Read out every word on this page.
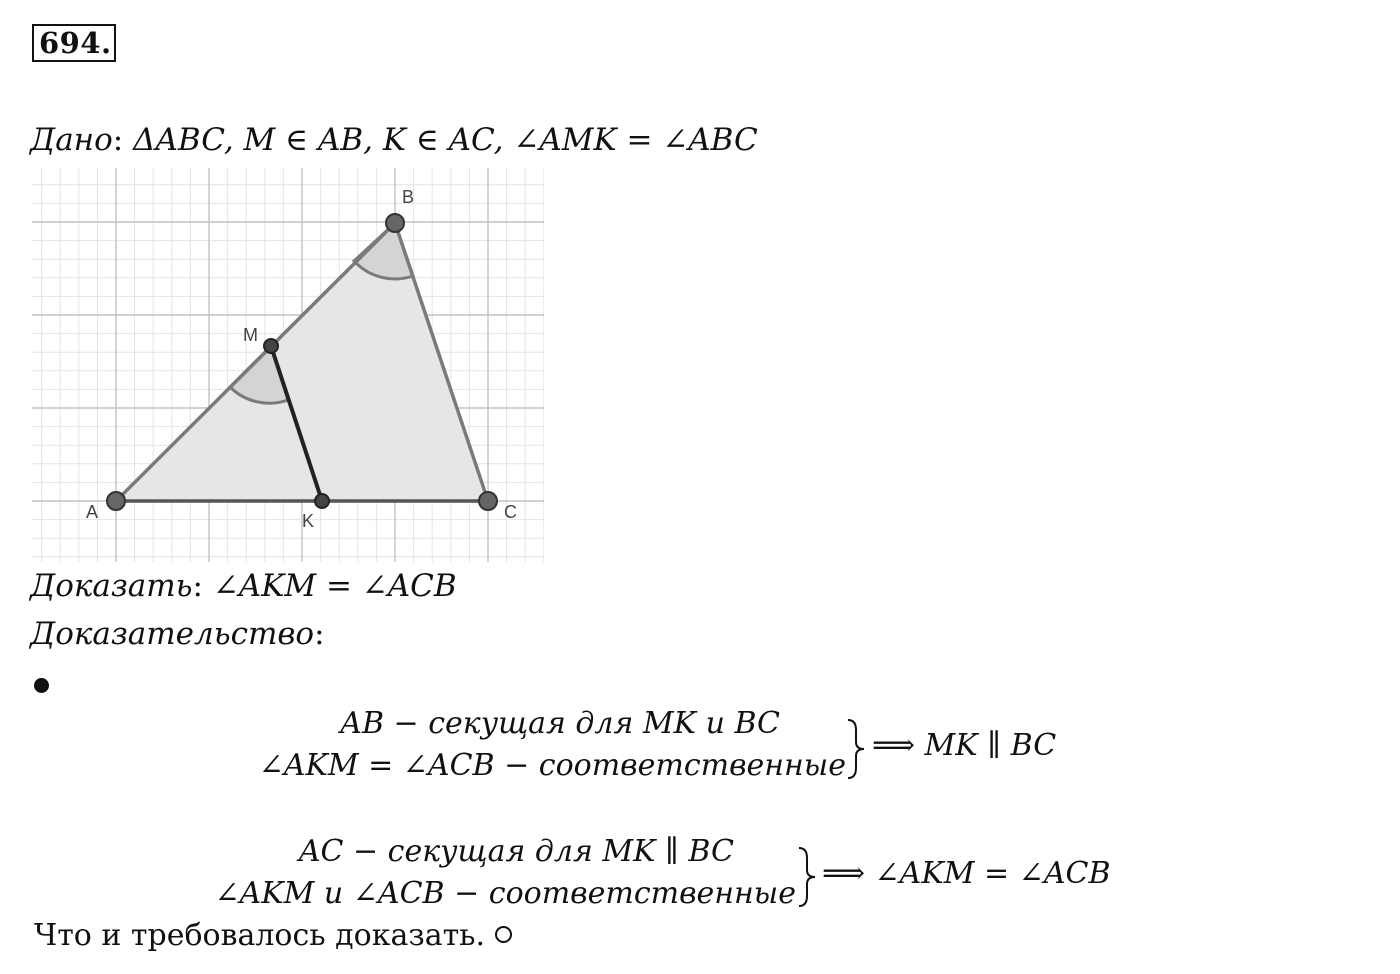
694.
Дано: ΔABC, M ∈ AB, K ∈ AC, ∠AMK = ∠ABC
A
B
C
M
K
Доказать: ∠AKM = ∠ACB
Доказательство:
AB − секущая для MK и BC
∠AKM = ∠ACB − соответственные
⟹ MK ∥ BC
AC − секущая для MK ∥ BC
∠AKM и ∠ACB − соответственные
⟹ ∠AKM = ∠ACB
Что и требовалось доказать.
